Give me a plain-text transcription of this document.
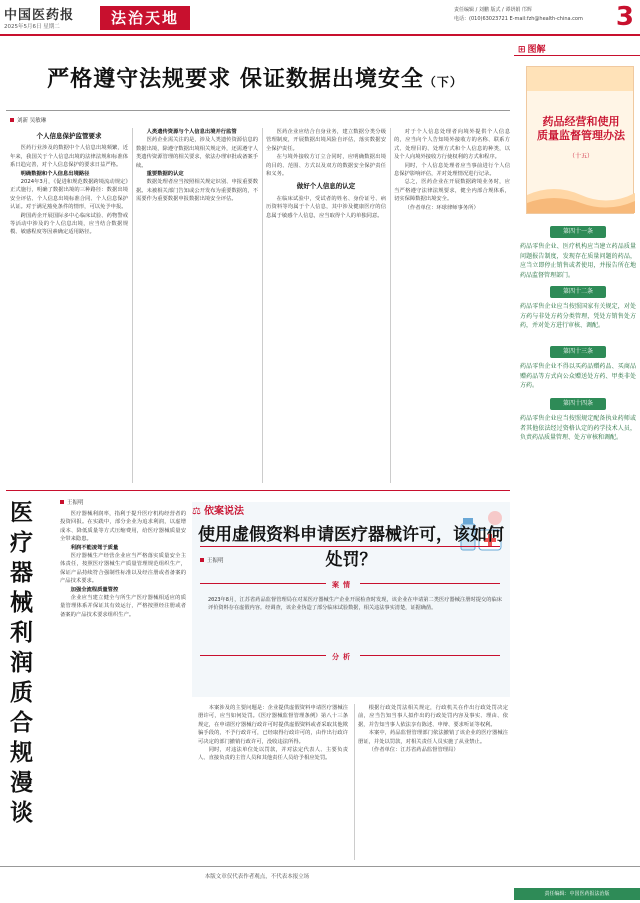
中国医药报
2025年5月6日 星期二	法治天地	责任编辑 / 刘鹏 版式 / 谭妍娟 邝辉
电话：(010)63023721 E-mail:fzh@health-china.com	3
严格遵守法规要求 保证数据出境安全（下）
刘新 吴敏琳

个人信息保护监管要求

医药行业涉及的数据中个人信息出境频繁，近年来，我国关于个人信息出境的法律法规和标准体系日趋完善，对个人信息保护的要求日益严格。

明确数据和个人信息出境路径

2024年3月，《促进和规范数据跨境流动规定》正式施行，明确了数据出境的三种路径：数据出境安全评估、个人信息出境标准合同、个人信息保护认证。对于满足豁免条件的情形，可以免予申报。

跨国药企开展国际多中心临床试验、药物警戒等活动中涉及的个人信息出境，应当结合数据规模、敏感程度等因素确定适用路径。

人类遗传资源与个人信息出境并行监管

医药企业需关注的是，涉及人类遗传资源信息的数据出境，除遵守数据出境相关规定外，还需遵守人类遗传资源管理的相关要求，依法办理审批或备案手续。

重要数据的认定

数据处理者应当按照相关规定识别、申报重要数据。未被相关部门告知或公开发布为重要数据的，不需要作为重要数据申报数据出境安全评估。

医药企业应结合自身业务，建立数据分类分级管理制度，开展数据出境风险自评估，落实数据安全保护责任。

在与境外接收方订立合同时，应明确数据出境的目的、范围、方式以及双方的数据安全保护责任和义务。

做好个人信息的认定

在临床试验中，受试者的姓名、身份证号、病历资料等均属于个人信息，其中涉及健康医疗的信息属于敏感个人信息，应当取得个人的单独同意。

对于个人信息处理者向境外提供个人信息的，应当向个人告知境外接收方的名称、联系方式、处理目的、处理方式和个人信息的种类，以及个人向境外接收方行使权利的方式和程序。

同时，个人信息处理者应当事前进行个人信息保护影响评估，并对处理情况进行记录。

总之，医药企业在开展数据跨境业务时，应当严格遵守法律法规要求，健全内部合规体系，切实保障数据出境安全。

（作者单位：环球律师事务所）

医疗器械利润质合规漫谈
王振明

医疗器械利润率，指利于提升医疗机构经营者的投资回报。在实践中，部分企业为追求利润，以虚增成本、降低质量等方式压缩费用，给医疗器械质量安全带来隐患。

利润不能凌驾于质量

医疗器械生产经营企业应当严格落实质量安全主体责任，按照医疗器械生产质量管理规范组织生产，保证产品持续符合强制性标准以及经注册或者备案的产品技术要求。

加强全流程质量管控

企业应当建立健全与所生产医疗器械相适应的质量管理体系并保证其有效运行，严格按照经注册或者备案的产品技术要求组织生产。

⚖ 依案说法
使用虚假资料申请医疗器械许可，该如何处罚？
王振明
案情
2023年8月，江苏省药品监督管理局在对某医疗器械生产企业开展检查时发现，该企业在申请第二类医疗器械注册时提交的临床评价资料存在虚假内容。经调查，该企业伪造了部分临床试验数据，相关违法事实清楚，证据确凿。
分析

本案涉及的主要问题是：企业提供虚假资料申请医疗器械注册许可，应当如何处罚。《医疗器械监督管理条例》第八十三条规定，在申请医疗器械行政许可时提供虚假资料或者采取其他欺骗手段的，不予行政许可，已经取得行政许可的，由作出行政许可决定的部门撤销行政许可，没收违法所得。

同时，对违法单位处以罚款，并对法定代表人、主要负责人、直接负责的主管人员和其他责任人员给予相应处罚。

根据行政处罚法相关规定，行政机关在作出行政处罚决定前，应当告知当事人拟作出的行政处罚内容及事实、理由、依据，并告知当事人依法享有陈述、申辩、要求听证等权利。

本案中，药品监督管理部门依法撤销了该企业的医疗器械注册证，并处以罚款，对相关责任人员实施了从业禁止。

（作者单位：江苏省药品监督管理局）

⊞ 图解
药品经营和使用
质量监督管理办法
（十五）
第四十一条
药品零售企业、医疗机构应当建立药品质量问题报告制度，发现存在质量问题的药品，应当立即停止销售或者使用，并报告所在地药品监督管理部门。
第四十二条
药品零售企业应当按照国家有关规定，对处方药与非处方药分类管理，凭处方销售处方药，并对处方进行审核、调配。
第四十三条
药品零售企业不得以买药品赠药品、买商品赠药品等方式向公众赠送处方药、甲类非处方药。
第四十四条
药品零售企业应当按照规定配备执业药师或者其他依法经过资格认定的药学技术人员，负责药品质量管理、处方审核和调配。
本版文章仅代表作者观点，不代表本报立场
责任编辑：中国医药报法治版
